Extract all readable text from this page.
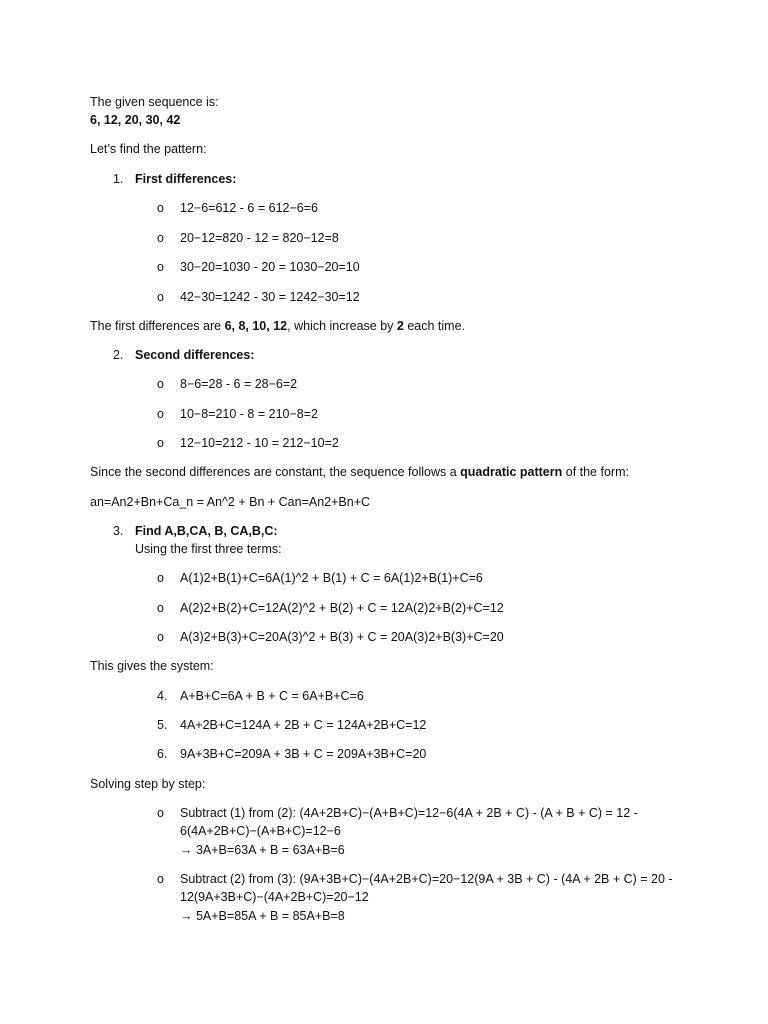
The given sequence is:
6, 12, 20, 30, 42
Let’s find the pattern:
1. First differences:
o 12−6=612 - 6 = 612−6=6
o 20−12=820 - 12 = 820−12=8
o 30−20=1030 - 20 = 1030−20=10
o 42−30=1242 - 30 = 1242−30=12
The first differences are 6, 8, 10, 12, which increase by 2 each time.
2. Second differences:
o 8−6=28 - 6 = 28−6=2
o 10−8=210 - 8 = 210−8=2
o 12−10=212 - 10 = 212−10=2
Since the second differences are constant, the sequence follows a quadratic pattern of the form:
an=An2+Bn+Ca_n = An^2 + Bn + Can=An2+Bn+C
3. Find A,B,CA, B, CA,B,C:
Using the first three terms:
o A(1)2+B(1)+C=6A(1)^2 + B(1) + C = 6A(1)2+B(1)+C=6
o A(2)2+B(2)+C=12A(2)^2 + B(2) + C = 12A(2)2+B(2)+C=12
o A(3)2+B(3)+C=20A(3)^2 + B(3) + C = 20A(3)2+B(3)+C=20
This gives the system:
4. A+B+C=6A + B + C = 6A+B+C=6
5. 4A+2B+C=124A + 2B + C = 124A+2B+C=12
6. 9A+3B+C=209A + 3B + C = 209A+3B+C=20
Solving step by step:
o Subtract (1) from (2): (4A+2B+C)−(A+B+C)=12−6(4A + 2B + C) - (A + B + C) = 12 -
6(4A+2B+C)−(A+B+C)=12−6
→ 3A+B=63A + B = 63A+B=6
o Subtract (2) from (3): (9A+3B+C)−(4A+2B+C)=20−12(9A + 3B + C) - (4A + 2B + C) = 20 -
12(9A+3B+C)−(4A+2B+C)=20−12
→ 5A+B=85A + B = 85A+B=8
